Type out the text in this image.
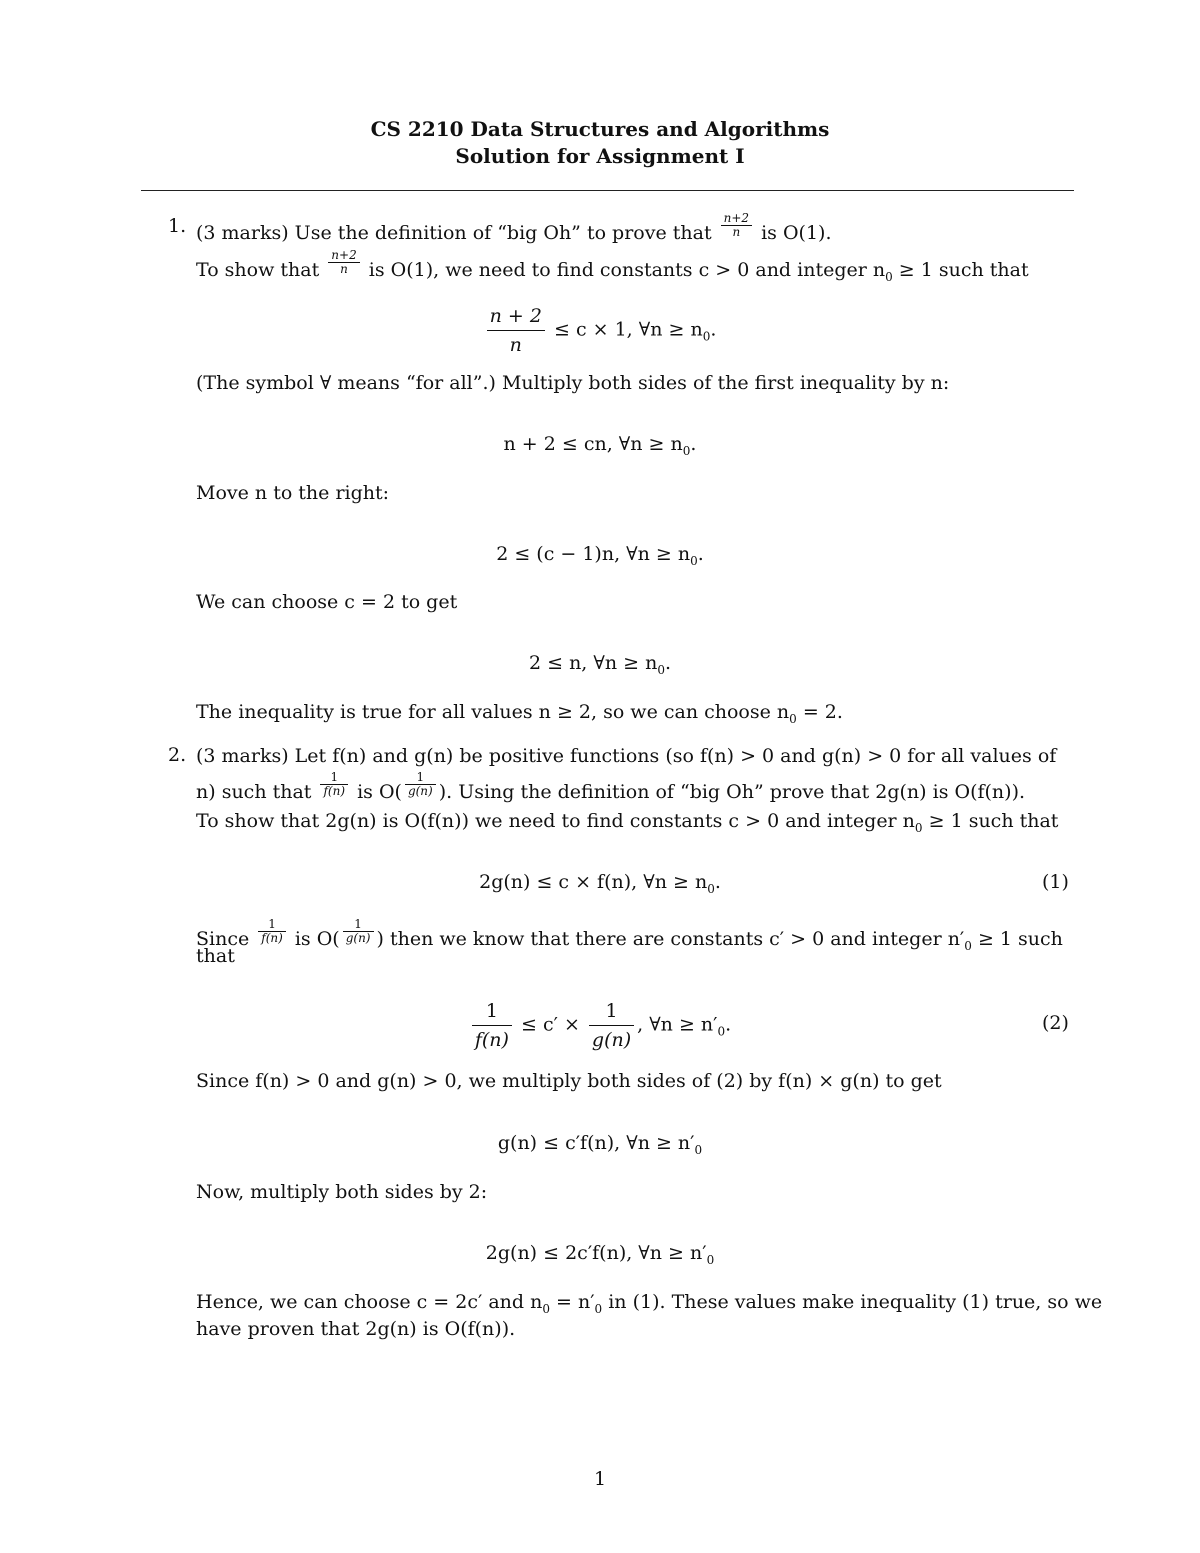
CS 2210 Data Structures and Algorithms
Solution for Assignment I
1. (3 marks) Use the definition of “big Oh” to prove that $\frac{n+2}{n}$ is O(1).
To show that $\frac{n+2}{n}$ is O(1), we need to find constants c > 0 and integer $n_0 \ge 1$ such that
$\frac{n + 2}{n} \le c \times 1$, ∀n ≥ $n_0$.
(The symbol ∀ means “for all”.) Multiply both sides of the first inequality by n:
n + 2 ≤ cn, ∀n ≥ $n_0$.
Move n to the right:
2 ≤ (c − 1)n, ∀n ≥ $n_0$.
We can choose c = 2 to get
2 ≤ n, ∀n ≥ $n_0$.
The inequality is true for all values n ≥ 2, so we can choose $n_0 = 2$.
2. (3 marks) Let f(n) and g(n) be positive functions (so f(n) > 0 and g(n) > 0 for all values of
n) such that $\frac{1}{f(n)}$ is $O( \frac{1}{g(n)}$ ). Using the definition of “big Oh” prove that 2g(n) is O(f(n)).
To show that 2g(n) is O(f(n)) we need to find constants c > 0 and integer $n_0 \ge 1$ such that
2g(n) ≤ c × f(n), ∀n ≥ $n_0$.	(1)
Since $\frac{1}{f(n)}$ is $O( \frac{1}{g(n)}$ ) then we know that there are constants c′ > 0 and integer $n'_0 \ge 1$ such
that
$\frac{1}{f(n)} \le c' \times \frac{1}{g(n)}$ , ∀n ≥ $n'_0$.	(2)
Since f(n) > 0 and g(n) > 0, we multiply both sides of (2) by f(n) × g(n) to get
g(n) ≤ c′f(n), ∀n ≥ $n'_0$
Now, multiply both sides by 2:
2g(n) ≤ 2c′f(n), ∀n ≥ $n'_0$
Hence, we can choose c = 2c′ and $n_0 = n'_0$ in (1). These values make inequality (1) true, so we
have proven that 2g(n) is O(f(n)).
1
